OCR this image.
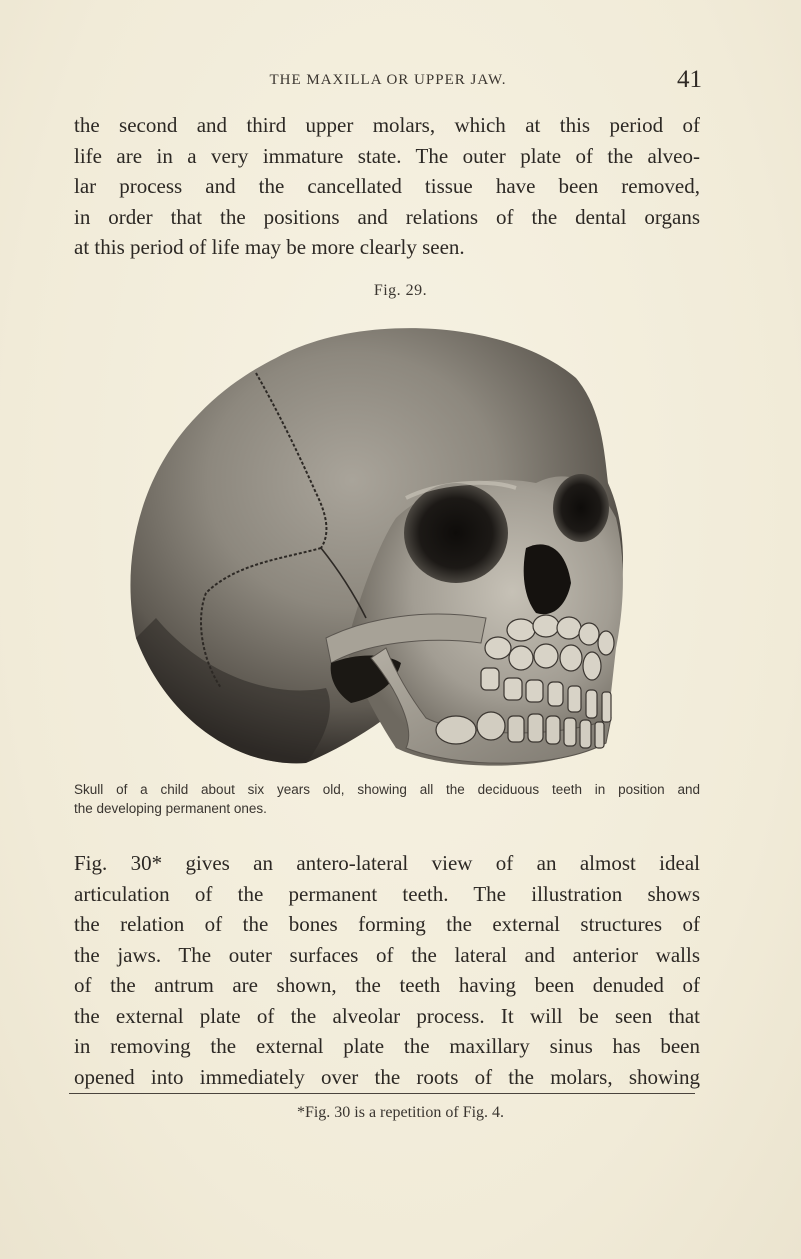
THE MAXILLA OR UPPER JAW.	41
the second and third upper molars, which at this period of
life are in a very immature state. The outer plate of the alveo-
lar process and the cancellated tissue have been removed,
in order that the positions and relations of the dental organs
at this period of life may be more clearly seen.
Fig. 29.
Skull of a child about six years old, showing all the deciduous teeth in position and
the developing permanent ones.
Fig. 30* gives an antero-lateral view of an almost ideal
articulation of the permanent teeth. The illustration shows
the relation of the bones forming the external structures of
the jaws. The outer surfaces of the lateral and anterior walls
of the antrum are shown, the teeth having been denuded of
the external plate of the alveolar process. It will be seen that
in removing the external plate the maxillary sinus has been
opened into immediately over the roots of the molars, showing
*Fig. 30 is a repetition of Fig. 4.
